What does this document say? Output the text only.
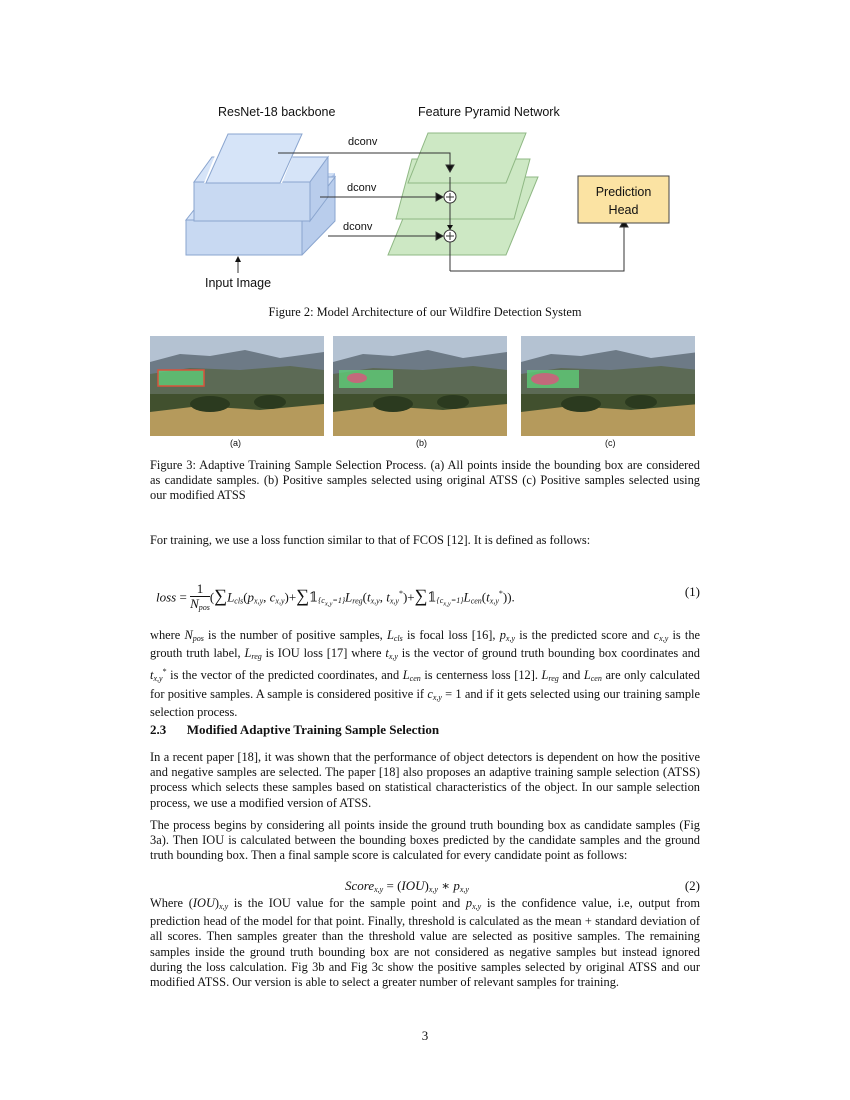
ResNet-18 backbone	Feature Pyramid Network
dconv
dconv
dconv
Prediction
Head
Input Image
Figure 2: Model Architecture of our Wildfire Detection System
(a)	(b)	(c)
Figure 3: Adaptive Training Sample Selection Process. (a) All points inside the bounding box are considered as candidate samples. (b) Positive samples selected using original ATSS (c) Positive samples selected using our modified ATSS
For training, we use a loss function similar to that of FCOS [12]. It is defined as follows:
loss =
1
$N_{pos}$
($\sum L_{cls}(p_{x,y}$, $c_{x,y})+\sum 𝟙_{\{c_{x,y}=1\}}L_{reg}(t_{x,y}$, $t_{x,y}^*)+\sum 𝟙_{\{c_{x,y}=1\}}L_{cen}(t_{x,y}^*)$).	(1)
where $N_{pos}$ is the number of positive samples, $L_{cls}$ is focal loss [16], $p_{x,y}$ is the predicted score and $c_{x,y}$ is the grouth truth label, $L_{reg}$ is IOU loss [17] where $t_{x,y}$ is the vector of ground truth bounding box coordinates and $t_{x,y}^*$ is the vector of the predicted coordinates, and $L_{cen}$ is centerness loss [12]. $L_{reg}$ and $L_{cen}$ are only calculated for positive samples. A sample is considered positive if $c_{x,y} = 1$ and if it gets selected using our training sample selection process.
2.3 Modified Adaptive Training Sample Selection
In a recent paper [18], it was shown that the performance of object detectors is dependent on how the positive and negative samples are selected. The paper [18] also proposes an adaptive training sample selection (ATSS) process which selects these samples based on statistical characteristics of the object. In our sample selection process, we use a modified version of ATSS.
The process begins by considering all points inside the ground truth bounding box as candidate samples (Fig 3a). Then IOU is calculated between the bounding boxes predicted by the candidate samples and the ground truth bounding box. Then a final sample score is calculated for every candidate point as follows:
Score$_{x,y}$ = $(IOU)_{x,y}$ ∗ $p_{x,y}$	(2)
Where $(IOU)_{x,y}$ is the IOU value for the sample point and $p_{x,y}$ is the confidence value, i.e, output from prediction head of the model for that point. Finally, threshold is calculated as the mean + standard deviation of all scores. Then samples greater than the threshold value are selected as positive samples. The remaining samples inside the ground truth bounding box are not considered as negative samples but instead ignored during the loss calculation. Fig 3b and Fig 3c show the positive samples selected by original ATSS and our modified ATSS. Our version is able to select a greater number of relevant samples for training.
3
